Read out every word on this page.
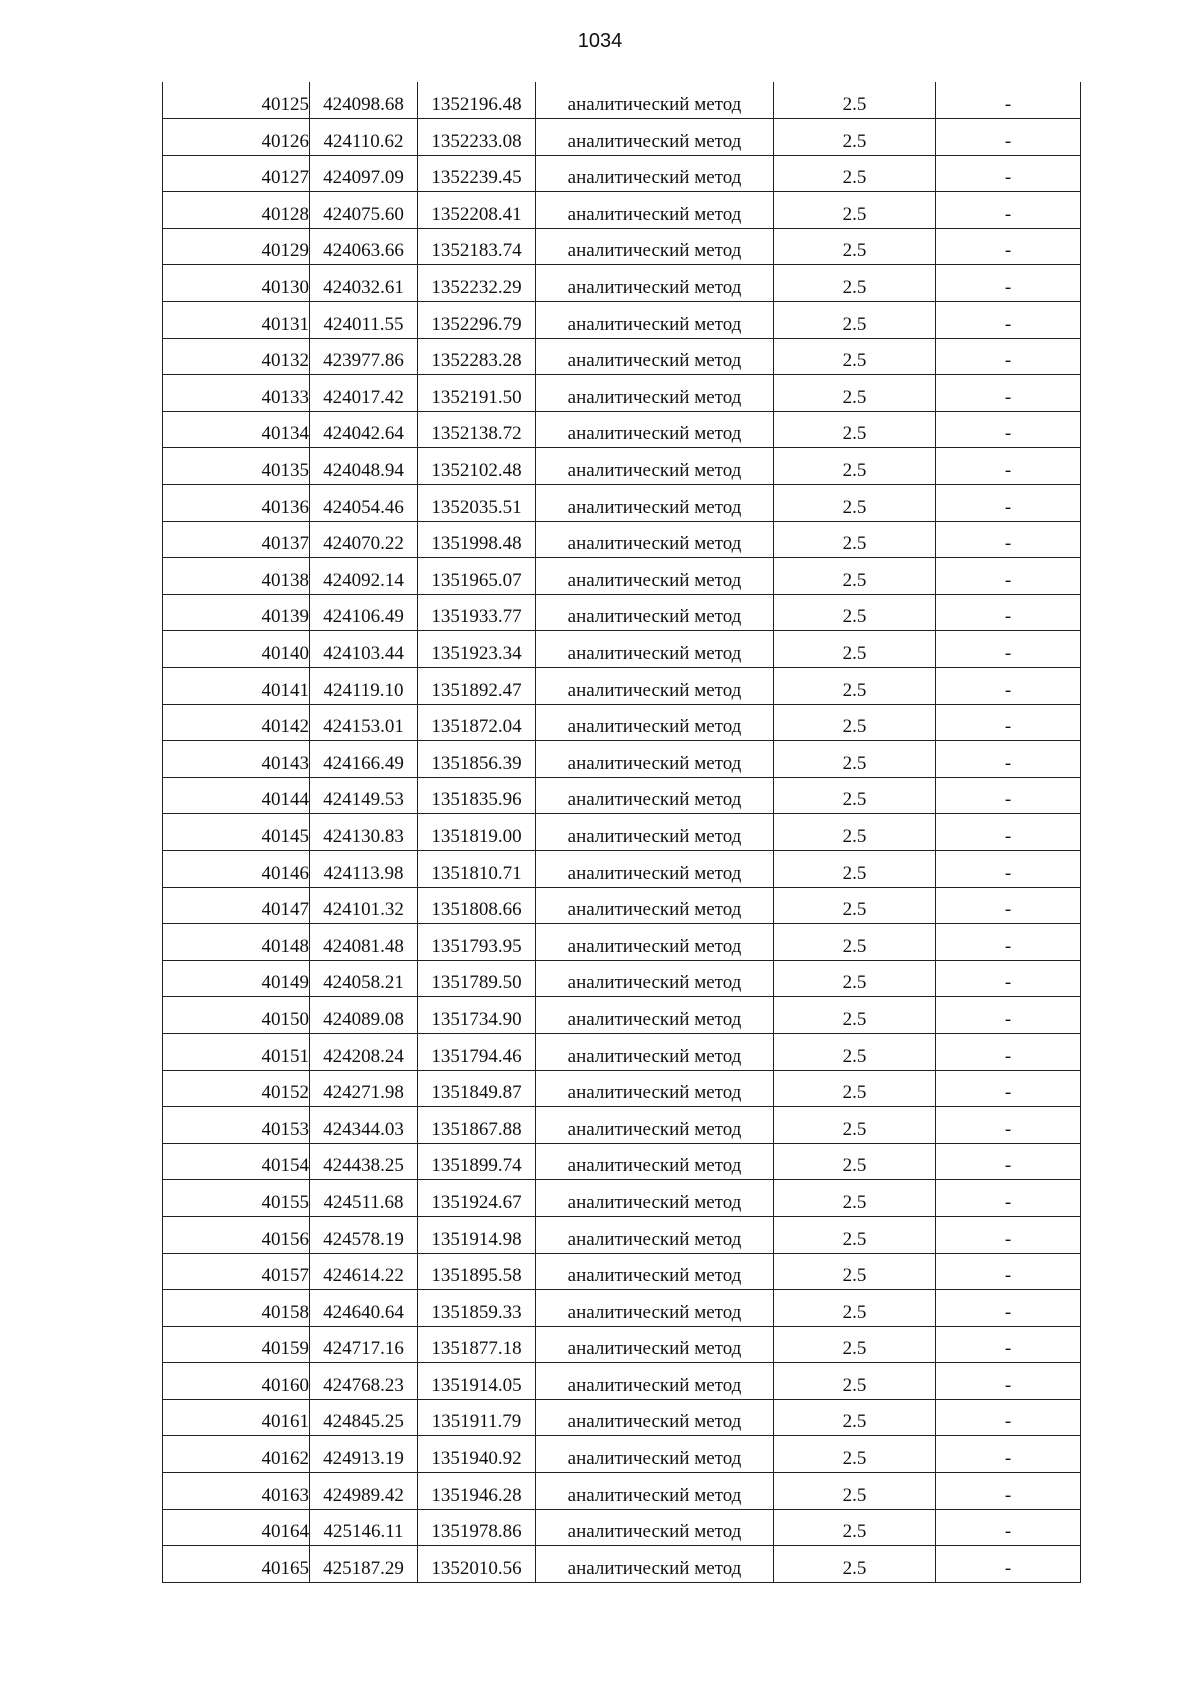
1034
40125	424098.68	1352196.48	аналитический метод	2.5	-
40126	424110.62	1352233.08	аналитический метод	2.5	-
40127	424097.09	1352239.45	аналитический метод	2.5	-
40128	424075.60	1352208.41	аналитический метод	2.5	-
40129	424063.66	1352183.74	аналитический метод	2.5	-
40130	424032.61	1352232.29	аналитический метод	2.5	-
40131	424011.55	1352296.79	аналитический метод	2.5	-
40132	423977.86	1352283.28	аналитический метод	2.5	-
40133	424017.42	1352191.50	аналитический метод	2.5	-
40134	424042.64	1352138.72	аналитический метод	2.5	-
40135	424048.94	1352102.48	аналитический метод	2.5	-
40136	424054.46	1352035.51	аналитический метод	2.5	-
40137	424070.22	1351998.48	аналитический метод	2.5	-
40138	424092.14	1351965.07	аналитический метод	2.5	-
40139	424106.49	1351933.77	аналитический метод	2.5	-
40140	424103.44	1351923.34	аналитический метод	2.5	-
40141	424119.10	1351892.47	аналитический метод	2.5	-
40142	424153.01	1351872.04	аналитический метод	2.5	-
40143	424166.49	1351856.39	аналитический метод	2.5	-
40144	424149.53	1351835.96	аналитический метод	2.5	-
40145	424130.83	1351819.00	аналитический метод	2.5	-
40146	424113.98	1351810.71	аналитический метод	2.5	-
40147	424101.32	1351808.66	аналитический метод	2.5	-
40148	424081.48	1351793.95	аналитический метод	2.5	-
40149	424058.21	1351789.50	аналитический метод	2.5	-
40150	424089.08	1351734.90	аналитический метод	2.5	-
40151	424208.24	1351794.46	аналитический метод	2.5	-
40152	424271.98	1351849.87	аналитический метод	2.5	-
40153	424344.03	1351867.88	аналитический метод	2.5	-
40154	424438.25	1351899.74	аналитический метод	2.5	-
40155	424511.68	1351924.67	аналитический метод	2.5	-
40156	424578.19	1351914.98	аналитический метод	2.5	-
40157	424614.22	1351895.58	аналитический метод	2.5	-
40158	424640.64	1351859.33	аналитический метод	2.5	-
40159	424717.16	1351877.18	аналитический метод	2.5	-
40160	424768.23	1351914.05	аналитический метод	2.5	-
40161	424845.25	1351911.79	аналитический метод	2.5	-
40162	424913.19	1351940.92	аналитический метод	2.5	-
40163	424989.42	1351946.28	аналитический метод	2.5	-
40164	425146.11	1351978.86	аналитический метод	2.5	-
40165	425187.29	1352010.56	аналитический метод	2.5	-
